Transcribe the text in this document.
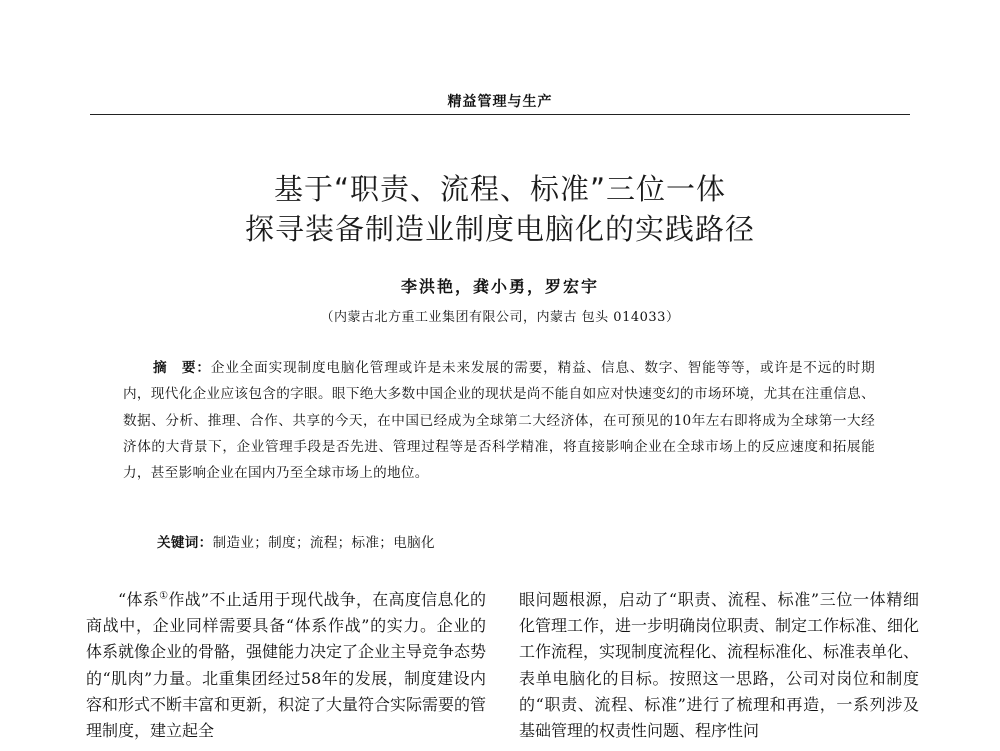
精益管理与生产
基于“职责、流程、标准”三位一体
探寻装备制造业制度电脑化的实践路径
李洪艳，龚小勇，罗宏宇
（内蒙古北方重工业集团有限公司，内蒙古 包头 014033）
摘　要：企业全面实现制度电脑化管理或许是未来发展的需要，精益、信息、数字、智能等等，或许是不远的时期内，现代化企业应该包含的字眼。眼下绝大多数中国企业的现状是尚不能自如应对快速变幻的市场环境，尤其在注重信息、数据、分析、推理、合作、共享的今天，在中国已经成为全球第二大经济体，在可预见的10年左右即将成为全球第一大经济体的大背景下，企业管理手段是否先进、管理过程等是否科学精准，将直接影响企业在全球市场上的反应速度和拓展能力，甚至影响企业在国内乃至全球市场上的地位。
关键词：制造业；制度；流程；标准；电脑化
“体系①作战”不止适用于现代战争，在高度信息化的商战中，企业同样需要具备“体系作战”的实力。企业的体系就像企业的骨骼，强健能力决定了企业主导竞争态势的“肌肉”力量。北重集团经过58年的发展，制度建设内容和形式不断丰富和更新，积淀了大量符合实际需要的管理制度，建立起全
眼问题根源，启动了“职责、流程、标准”三位一体精细化管理工作，进一步明确岗位职责、制定工作标准、细化工作流程，实现制度流程化、流程标准化、标准表单化、表单电脑化的目标。按照这一思路，公司对岗位和制度的“职责、流程、标准”进行了梳理和再造，一系列涉及基础管理的权责性问题、程序性问
